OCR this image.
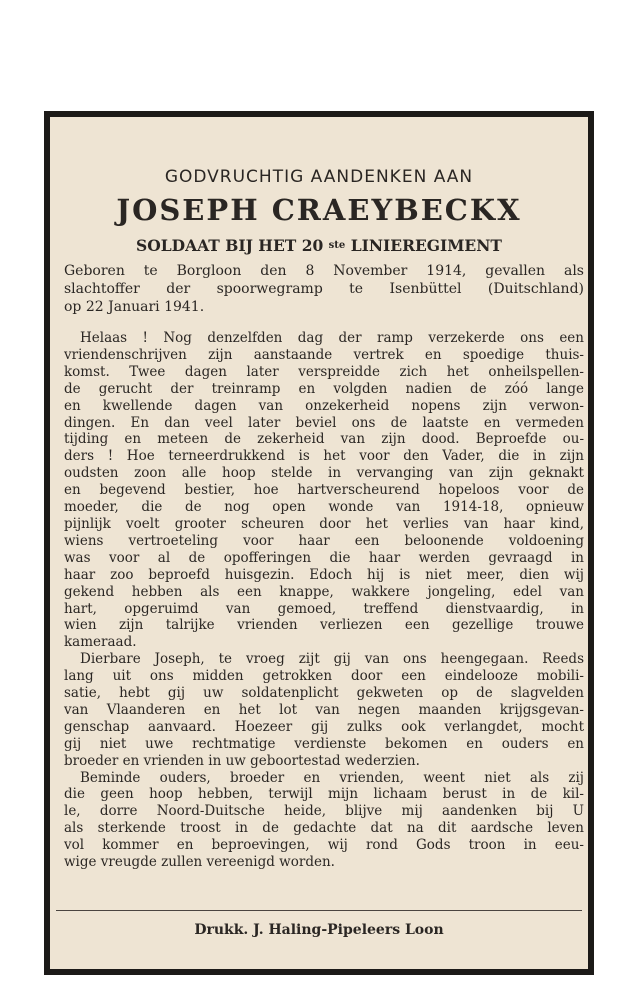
GODVRUCHTIG AANDENKEN AAN
JOSEPH CRAEYBECKX
SOLDAAT BIJ HET 20 $^{ste}$ LINIEREGIMENT
Geboren te Borgloon den 8 November 1914, gevallen als
slachtoffer der spoorwegramp te Isenbüttel (Duitschland)
op 22 Januari 1941.
Helaas ! Nog denzelfden dag der ramp verzekerde ons een
vriendenschrijven zijn aanstaande vertrek en spoedige thuis-
komst. Twee dagen later verspreidde zich het onheilspellen-
de gerucht der treinramp en volgden nadien de zóó lange
en kwellende dagen van onzekerheid nopens zijn verwon-
dingen. En dan veel later beviel ons de laatste en vermeden
tijding en meteen de zekerheid van zijn dood. Beproefde ou-
ders ! Hoe terneerdrukkend is het voor den Vader, die in zijn
oudsten zoon alle hoop stelde in vervanging van zijn geknakt
en begevend bestier, hoe hartverscheurend hopeloos voor de
moeder, die de nog open wonde van 1914-18, opnieuw
pijnlijk voelt grooter scheuren door het verlies van haar kind,
wiens vertroeteling voor haar een beloonende voldoening
was voor al de opofferingen die haar werden gevraagd in
haar zoo beproefd huisgezin. Edoch hij is niet meer, dien wij
gekend hebben als een knappe, wakkere jongeling, edel van
hart, opgeruimd van gemoed, treffend dienstvaardig, in
wien zijn talrijke vrienden verliezen een gezellige trouwe
kameraad.
Dierbare Joseph, te vroeg zijt gij van ons heengegaan. Reeds
lang uit ons midden getrokken door een eindelooze mobili-
satie, hebt gij uw soldatenplicht gekweten op de slagvelden
van Vlaanderen en het lot van negen maanden krijgsgevan-
genschap aanvaard. Hoezeer gij zulks ook verlangdet, mocht
gij niet uwe rechtmatige verdienste bekomen en ouders en
broeder en vrienden in uw geboortestad wederzien.
Beminde ouders, broeder en vrienden, weent niet als zij
die geen hoop hebben, terwijl mijn lichaam berust in de kil-
le, dorre Noord-Duitsche heide, blijve mij aandenken bij U
als sterkende troost in de gedachte dat na dit aardsche leven
vol kommer en beproevingen, wij rond Gods troon in eeu-
wige vreugde zullen vereenigd worden.
Drukk. J. Haling-Pipeleers Loon
